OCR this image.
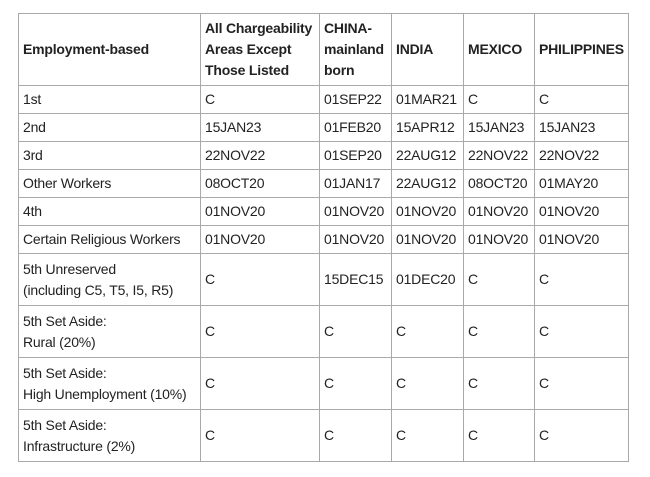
Employment-based	All Chargeability Areas Except Those Listed	CHINA-mainland born	INDIA	MEXICO	PHILIPPINES

1st	C	01SEP22	01MAR21	C	C

2nd	15JAN23	01FEB20	15APR12	15JAN23	15JAN23

3rd	22NOV22	01SEP20	22AUG12	22NOV22	22NOV22

Other Workers	08OCT20	01JAN17	22AUG12	08OCT20	01MAY20

4th	01NOV20	01NOV20	01NOV20	01NOV20	01NOV20

Certain Religious Workers	01NOV20	01NOV20	01NOV20	01NOV20	01NOV20

5th Unreserved
(including C5, T5, I5, R5)	C	15DEC15	01DEC20	C	C

5th Set Aside:
Rural (20%)	C	C	C	C	C

5th Set Aside:
High Unemployment (10%)	C	C	C	C	C

5th Set Aside:
Infrastructure (2%)	C	C	C	C	C
